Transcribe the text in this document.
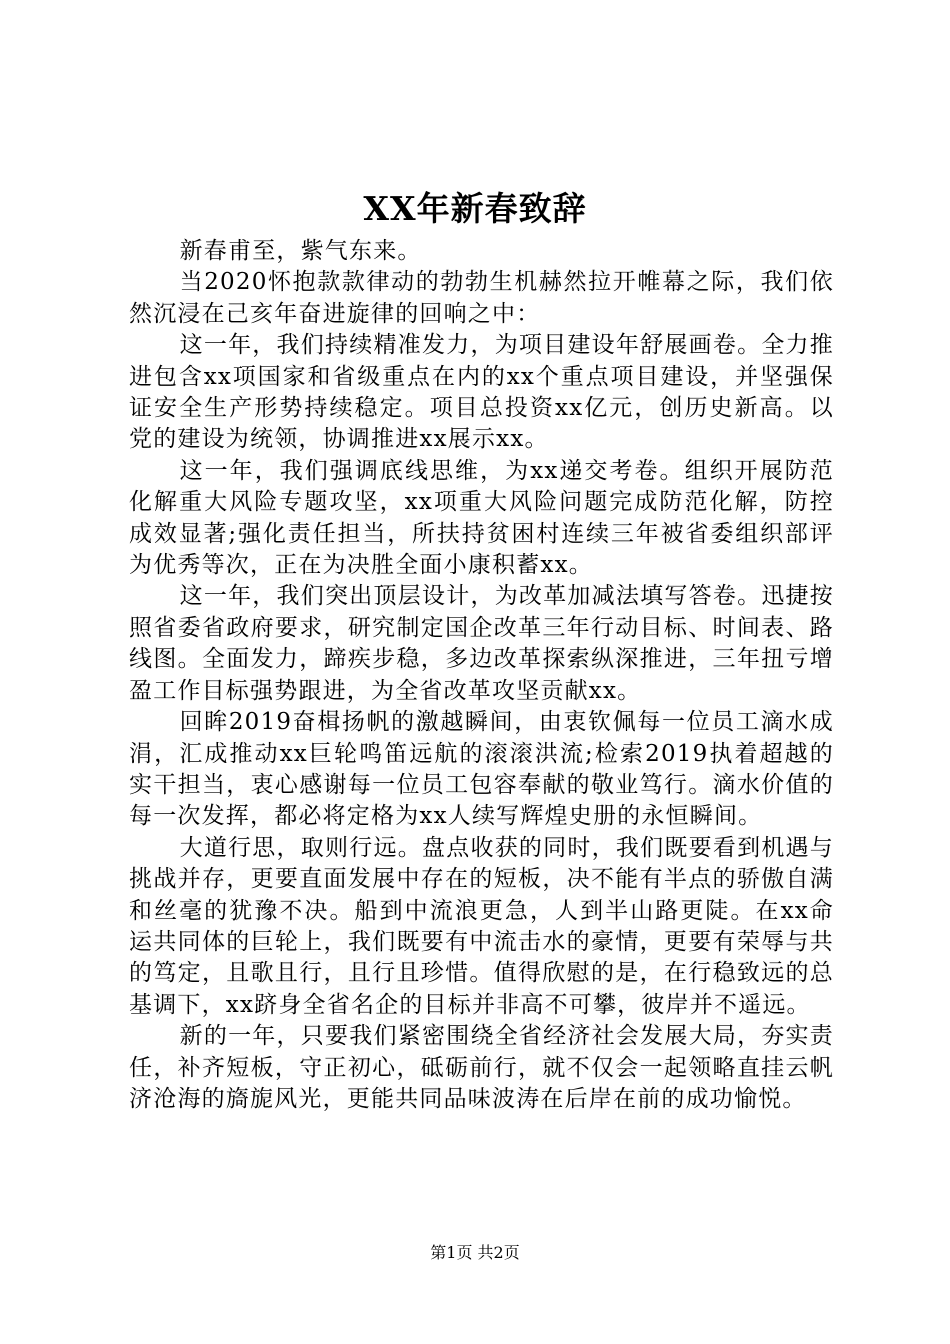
XX年新春致辞

新春甫至，紫气东来。

当2020怀抱款款律动的勃勃生机赫然拉开帷幕之际，我们依然沉浸在己亥年奋进旋律的回响之中：

这一年，我们持续精准发力，为项目建设年舒展画卷。全力推进包含xx项国家和省级重点在内的xx个重点项目建设，并坚强保证安全生产形势持续稳定。项目总投资xx亿元，创历史新高。以党的建设为统领，协调推进xx展示xx。

这一年，我们强调底线思维，为xx递交考卷。组织开展防范化解重大风险专题攻坚，xx项重大风险问题完成防范化解，防控成效显著;强化责任担当，所扶持贫困村连续三年被省委组织部评为优秀等次，正在为决胜全面小康积蓄xx。

这一年，我们突出顶层设计，为改革加减法填写答卷。迅捷按照省委省政府要求，研究制定国企改革三年行动目标、时间表、路线图。全面发力，蹄疾步稳，多边改革探索纵深推进，三年扭亏增盈工作目标强势跟进，为全省改革攻坚贡献xx。

回眸2019奋楫扬帆的激越瞬间，由衷钦佩每一位员工滴水成涓，汇成推动xx巨轮鸣笛远航的滚滚洪流;检索2019执着超越的实干担当，衷心感谢每一位员工包容奉献的敬业笃行。滴水价值的每一次发挥，都必将定格为xx人续写辉煌史册的永恒瞬间。

大道行思，取则行远。盘点收获的同时，我们既要看到机遇与挑战并存，更要直面发展中存在的短板，决不能有半点的骄傲自满和丝毫的犹豫不决。船到中流浪更急，人到半山路更陡。在xx命运共同体的巨轮上，我们既要有中流击水的豪情，更要有荣辱与共的笃定，且歌且行，且行且珍惜。值得欣慰的是，在行稳致远的总基调下，xx跻身全省名企的目标并非高不可攀，彼岸并不遥远。

新的一年，只要我们紧密围绕全省经济社会发展大局，夯实责任，补齐短板，守正初心，砥砺前行，就不仅会一起领略直挂云帆济沧海的旖旎风光，更能共同品味波涛在后岸在前的成功愉悦。

第1页 共2页
